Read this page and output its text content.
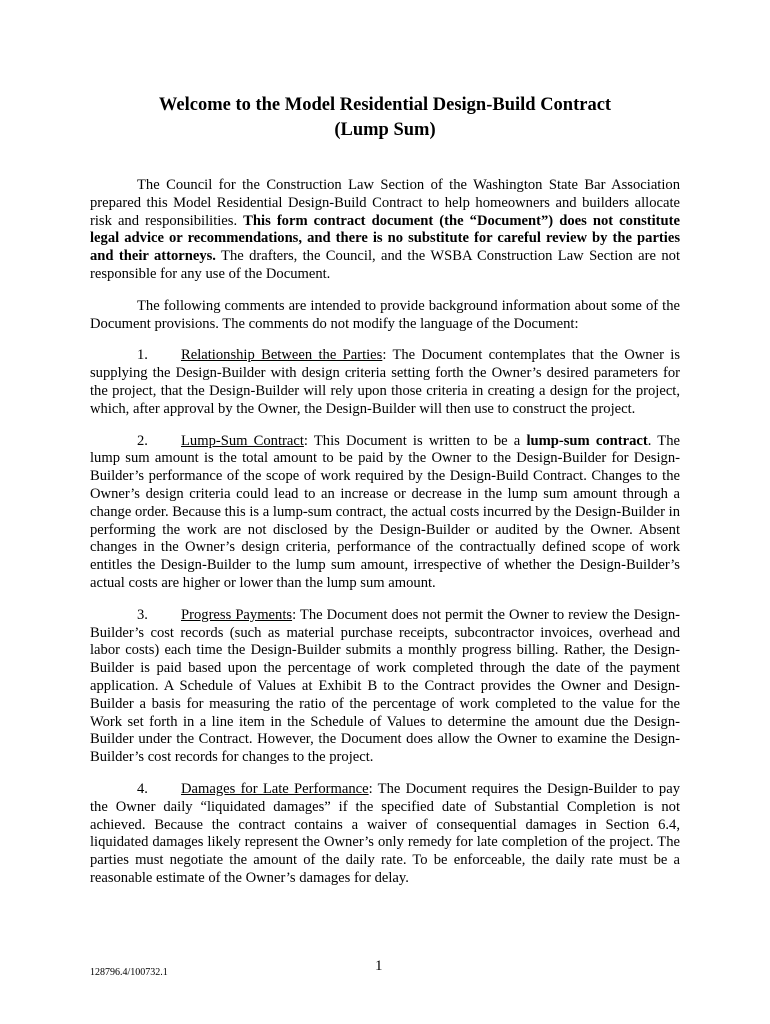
Welcome to the Model Residential Design-Build Contract
(Lump Sum)

The Council for the Construction Law Section of the Washington State Bar Association prepared this Model Residential Design-Build Contract to help homeowners and builders allocate risk and responsibilities. This form contract document (the “Document”) does not constitute legal advice or recommendations, and there is no substitute for careful review by the parties and their attorneys. The drafters, the Council, and the WSBA Construction Law Section are not responsible for any use of the Document.

The following comments are intended to provide background information about some of the Document provisions. The comments do not modify the language of the Document:

1. Relationship Between the Parties: The Document contemplates that the Owner is supplying the Design-Builder with design criteria setting forth the Owner’s desired parameters for the project, that the Design-Builder will rely upon those criteria in creating a design for the project, which, after approval by the Owner, the Design-Builder will then use to construct the project.

2. Lump-Sum Contract: This Document is written to be a lump-sum contract. The lump sum amount is the total amount to be paid by the Owner to the Design-Builder for Design-Builder’s performance of the scope of work required by the Design-Build Contract. Changes to the Owner’s design criteria could lead to an increase or decrease in the lump sum amount through a change order. Because this is a lump-sum contract, the actual costs incurred by the Design-Builder in performing the work are not disclosed by the Design-Builder or audited by the Owner. Absent changes in the Owner’s design criteria, performance of the contractually defined scope of work entitles the Design-Builder to the lump sum amount, irrespective of whether the Design-Builder’s actual costs are higher or lower than the lump sum amount.

3. Progress Payments: The Document does not permit the Owner to review the Design-Builder’s cost records (such as material purchase receipts, subcontractor invoices, overhead and labor costs) each time the Design-Builder submits a monthly progress billing. Rather, the Design-Builder is paid based upon the percentage of work completed through the date of the payment application. A Schedule of Values at Exhibit B to the Contract provides the Owner and Design-Builder a basis for measuring the ratio of the percentage of work completed to the value for the Work set forth in a line item in the Schedule of Values to determine the amount due the Design-Builder under the Contract. However, the Document does allow the Owner to examine the Design-Builder’s cost records for changes to the project.

4. Damages for Late Performance: The Document requires the Design-Builder to pay the Owner daily “liquidated damages” if the specified date of Substantial Completion is not achieved. Because the contract contains a waiver of consequential damages in Section 6.4, liquidated damages likely represent the Owner’s only remedy for late completion of the project. The parties must negotiate the amount of the daily rate. To be enforceable, the daily rate must be a reasonable estimate of the Owner’s damages for delay.

128796.4/100732.1	1
